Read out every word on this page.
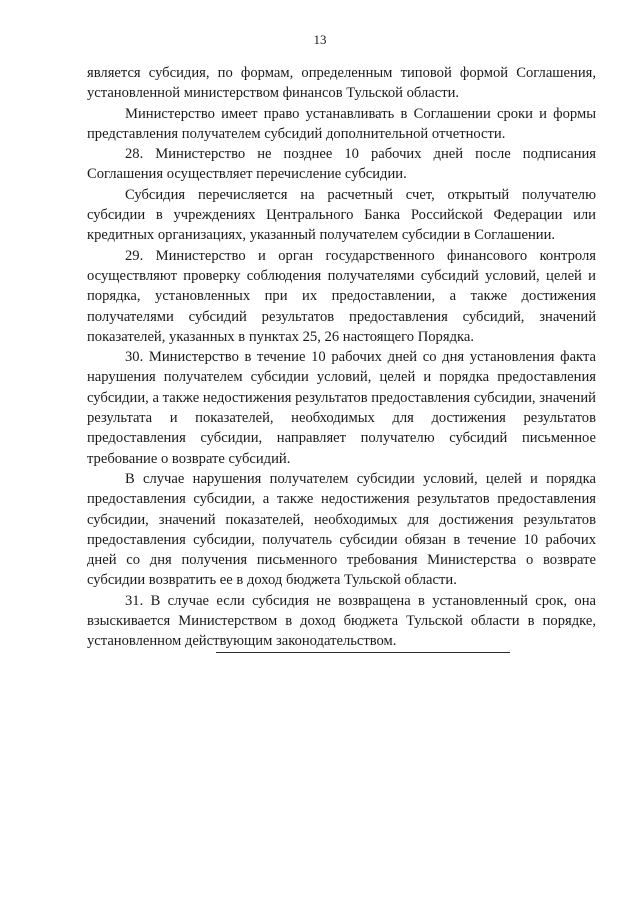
13

является субсидия, по формам, определенным типовой формой Соглашения, установленной министерством финансов Тульской области.

Министерство имеет право устанавливать в Соглашении сроки и формы представления получателем субсидий дополнительной отчетности.

28. Министерство не позднее 10 рабочих дней после подписания Соглашения осуществляет перечисление субсидии.

Субсидия перечисляется на расчетный счет, открытый получателю субсидии в учреждениях Центрального Банка Российской Федерации или кредитных организациях, указанный получателем субсидии в Соглашении.

29. Министерство и орган государственного финансового контроля осуществляют проверку соблюдения получателями субсидий условий, целей и порядка, установленных при их предоставлении, а также достижения получателями субсидий результатов предоставления субсидий, значений показателей, указанных в пунктах 25, 26 настоящего Порядка.

30. Министерство в течение 10 рабочих дней со дня установления факта нарушения получателем субсидии условий, целей и порядка предоставления субсидии, а также недостижения результатов предоставления субсидии, значений результата и показателей, необходимых для достижения результатов предоставления субсидии, направляет получателю субсидий письменное требование о возврате субсидий.

В случае нарушения получателем субсидии условий, целей и порядка предоставления субсидии, а также недостижения результатов предоставления субсидии, значений показателей, необходимых для достижения результатов предоставления субсидии, получатель субсидии обязан в течение 10 рабочих дней со дня получения письменного требования Министерства о возврате субсидии возвратить ее в доход бюджета Тульской области.

31. В случае если субсидия не возвращена в установленный срок, она взыскивается Министерством в доход бюджета Тульской области в порядке, установленном действующим законодательством.
